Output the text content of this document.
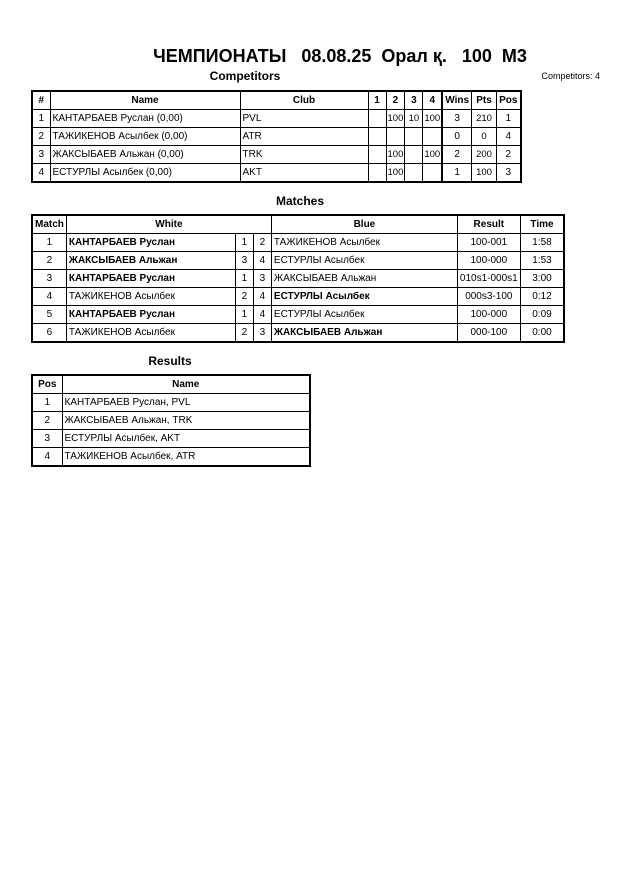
ЧЕМПИОНАТЫ   08.08.25  Орал қ.   100  М3
Competitors	Competitors: 4
#	Name	Club	1	2	3	4	Wins	Pts	Pos
1	КАНТАРБАЕВ Руслан (0,00)	PVL		100	10	100	3	210	1
2	ТАЖИКЕНОВ Асылбек (0,00)	ATR					0	0	4
3	ЖАКСЫБАЕВ Альжан (0,00)	TRK		100		100	2	200	2
4	ЕСТУРЛЫ Асылбек (0,00)	AKT		100			1	100	3
Matches
Match	White			Blue	Result	Time
1	КАНТАРБАЕВ Руслан	1	2	ТАЖИКЕНОВ Асылбек	100-001	1:58
2	ЖАКСЫБАЕВ Альжан	3	4	ЕСТУРЛЫ Асылбек	100-000	1:53
3	КАНТАРБАЕВ Руслан	1	3	ЖАКСЫБАЕВ Альжан	010s1-000s1	3:00
4	ТАЖИКЕНОВ Асылбек	2	4	ЕСТУРЛЫ Асылбек	000s3-100	0:12
5	КАНТАРБАЕВ Руслан	1	4	ЕСТУРЛЫ Асылбек	100-000	0:09
6	ТАЖИКЕНОВ Асылбек	2	3	ЖАКСЫБАЕВ Альжан	000-100	0:00
Results
Pos	Name
1	КАНТАРБАЕВ Руслан, PVL
2	ЖАКСЫБАЕВ Альжан, TRK
3	ЕСТУРЛЫ Асылбек, AKT
4	ТАЖИКЕНОВ Асылбек, ATR
